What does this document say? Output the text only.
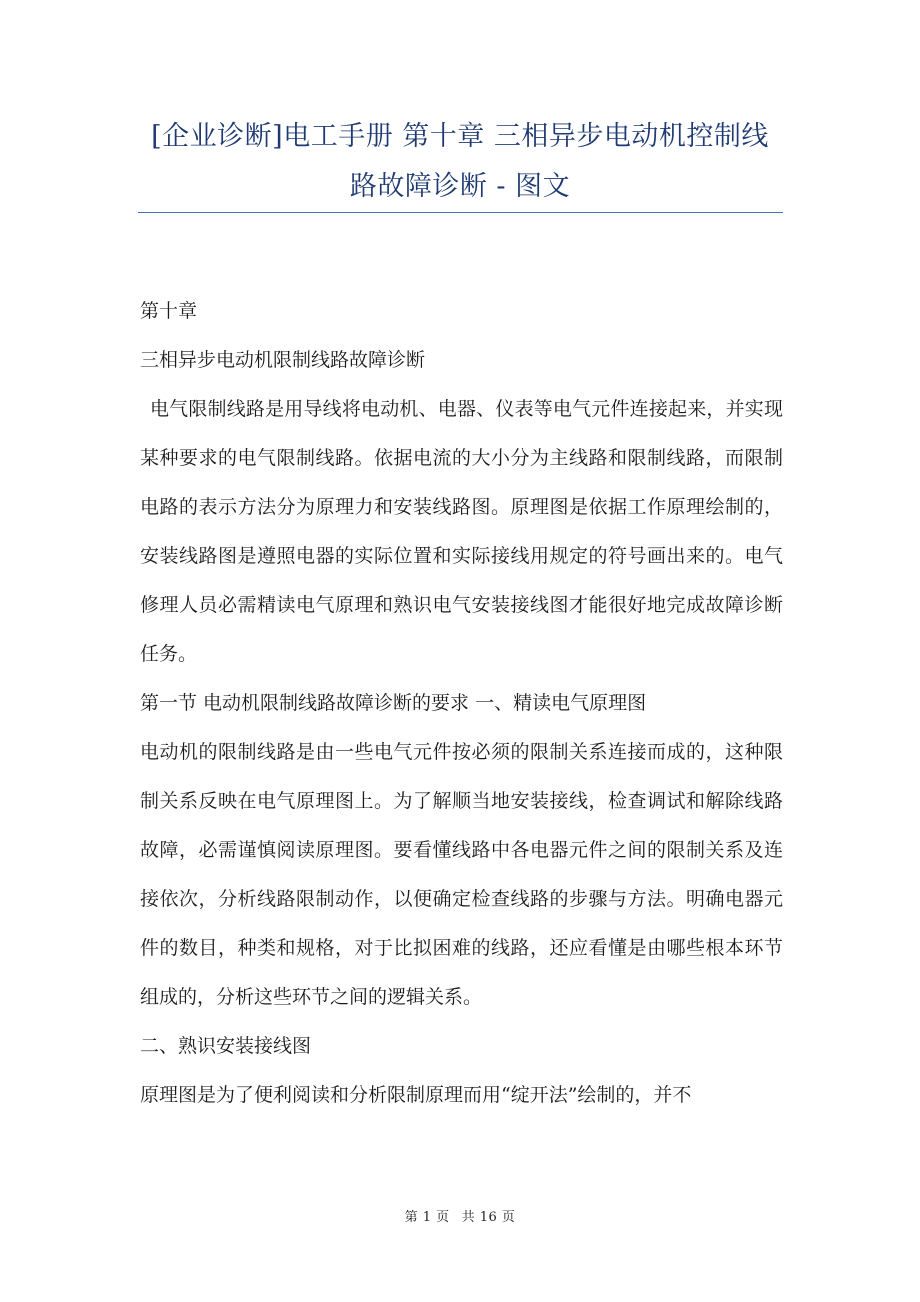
[企业诊断]电工手册 第十章 三相异步电动机控制线
路故障诊断 - 图文

第十章

三相异步电动机限制线路故障诊断

电气限制线路是用导线将电动机、电器、仪表等电气元件连接起来，并实现某种要求的电气限制线路。依据电流的大小分为主线路和限制线路，而限制电路的表示方法分为原理力和安装线路图。原理图是依据工作原理绘制的，安装线路图是遵照电器的实际位置和实际接线用规定的符号画出来的。电气修理人员必需精读电气原理和熟识电气安装接线图才能很好地完成故障诊断任务。

第一节 电动机限制线路故障诊断的要求 一、精读电气原理图

电动机的限制线路是由一些电气元件按必须的限制关系连接而成的，这种限制关系反映在电气原理图上。为了解顺当地安装接线，检查调试和解除线路故障，必需谨慎阅读原理图。要看懂线路中各电器元件之间的限制关系及连接依次，分析线路限制动作，以便确定检查线路的步骤与方法。明确电器元件的数目，种类和规格，对于比拟困难的线路，还应看懂是由哪些根本环节组成的，分析这些环节之间的逻辑关系。

二、熟识安装接线图

原理图是为了便利阅读和分析限制原理而用“绽开法”绘制的，并不

第 1 页 共 16 页
